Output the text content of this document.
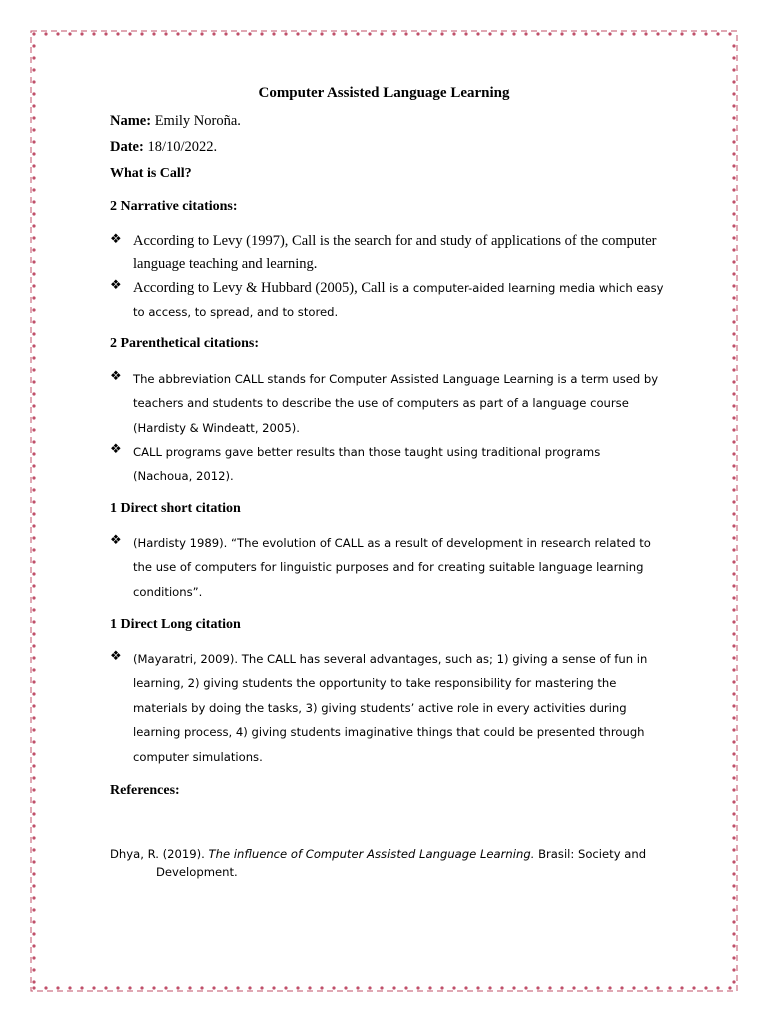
Computer Assisted Language Learning
Name: Emily Noroña.
Date: 18/10/2022.
What is Call?
2 Narrative citations:
❖ According to Levy (1997), Call is the search for and study of applications of the computer language teaching and learning.
❖ According to Levy & Hubbard (2005), Call is a computer-aided learning media which easy
to access, to spread, and to stored.
2 Parenthetical citations:
❖ The abbreviation CALL stands for Computer Assisted Language Learning is a term used by teachers and students to describe the use of computers as part of a language course (Hardisty & Windeatt, 2005).
❖ CALL programs gave better results than those taught using traditional programs (Nachoua, 2012).
1 Direct short citation
❖ (Hardisty 1989). “The evolution of CALL as a result of development in research related to the use of computers for linguistic purposes and for creating suitable language learning conditions”.
1 Direct Long citation
❖ (Mayaratri, 2009). The CALL has several advantages, such as; 1) giving a sense of fun in learning, 2) giving students the opportunity to take responsibility for mastering the materials by doing the tasks, 3) giving students’ active role in every activities during learning process, 4) giving students imaginative things that could be presented through computer simulations.
References:
Dhya, R. (2019). The influence of Computer Assisted Language Learning. Brasil: Society and Development.
